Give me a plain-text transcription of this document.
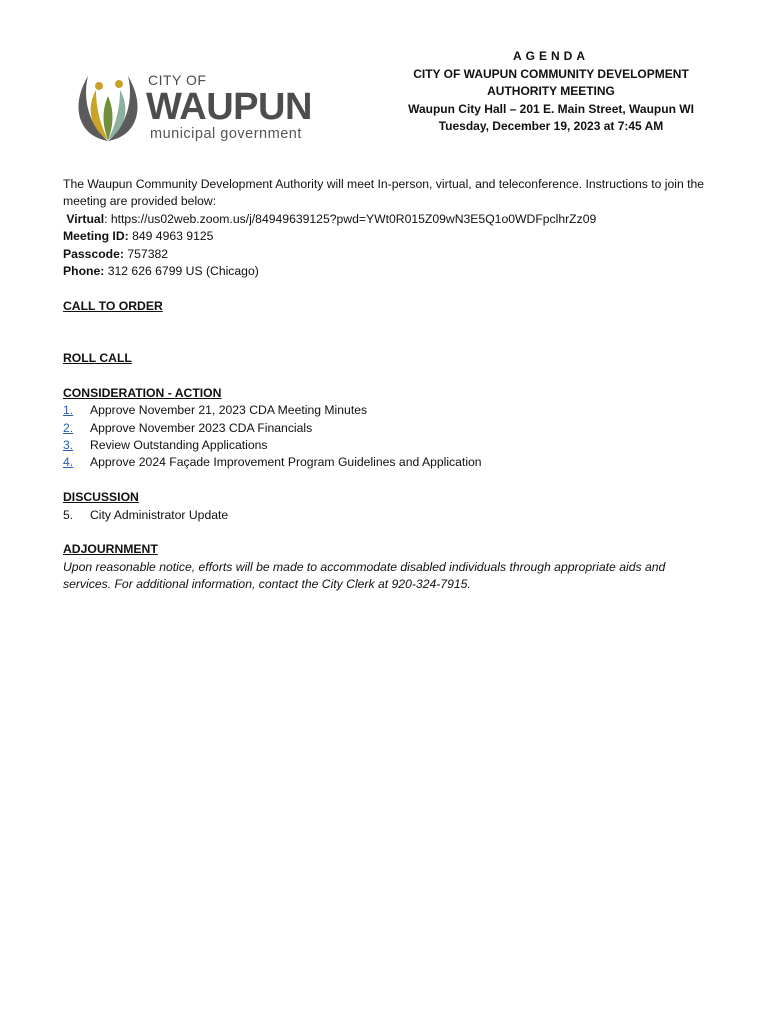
CITY OF
WAUPUN
municipal government
AGENDA
CITY OF WAUPUN COMMUNITY DEVELOPMENT
AUTHORITY MEETING
Waupun City Hall – 201 E. Main Street, Waupun WI
Tuesday, December 19, 2023 at 7:45 AM

The Waupun Community Development Authority will meet In-person, virtual, and teleconference. Instructions to join the meeting are provided below:

Virtual: https://us02web.zoom.us/j/84949639125?pwd=YWt0R015Z09wN3E5Q1o0WDFpclhrZz09

Meeting ID: 849 4963 9125

Passcode: 757382

Phone: 312 626 6799 US (Chicago)

CALL TO ORDER

ROLL CALL

CONSIDERATION - ACTION

1.	Approve November 21, 2023 CDA Meeting Minutes
2.	Approve November 2023 CDA Financials
3.	Review Outstanding Applications
4.	Approve 2024 Façade Improvement Program Guidelines and Application

DISCUSSION

5.	City Administrator Update

ADJOURNMENT

Upon reasonable notice, efforts will be made to accommodate disabled individuals through appropriate aids and services. For additional information, contact the City Clerk at 920-324-7915.
